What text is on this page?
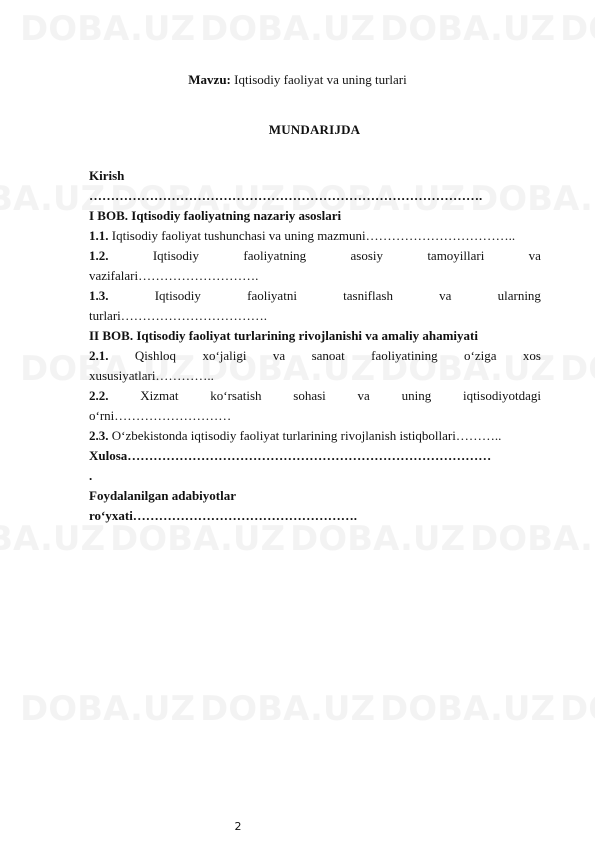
Mavzu: Iqtisodiy faoliyat va uning turlari
MUNDARIJDA
Kirish
……………………………………………………………………………….
I BOB. Iqtisodiy faoliyatning nazariy asoslari
1.1. Iqtisodiy faoliyat tushunchasi va uning mazmuni……………………………..
1.2.	Iqtisodiy	faoliyatning	asosiy	tamoyillari	va
vazifalari……………………….
1.3.	Iqtisodiy	faoliyatni	tasniflash	va	ularning
turlari…………………………….
II BOB. Iqtisodiy faoliyat turlarining rivojlanishi va amaliy ahamiyati
2.1. Qishloq xo‘jaligi va sanoat faoliyatining o‘ziga xos
xususiyatlari…………..
2.2. Xizmat ko‘rsatish sohasi va uning iqtisodiyotdagi
o‘rni………………………
2.3. O‘zbekistonda iqtisodiy faoliyat turlarining rivojlanish istiqbollari………..
Xulosa…………………………………………………………………………
.
Foydalanilgan adabiyotlar
ro‘yxati…………………………………………….
2
